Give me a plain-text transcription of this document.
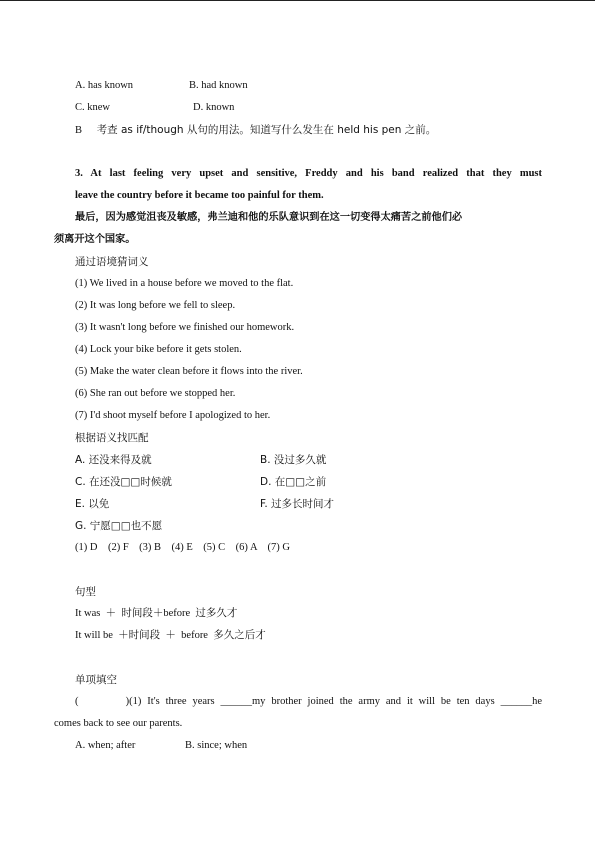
A. has known	B. had known
C. knew	D. known
B 考查 as if/though 从句的用法。知道写什么发生在 held his pen 之前。
3. At last feeling very upset and sensitive, Freddy and his band realized that they must
leave the country before it became too painful for them.
最后，因为感觉沮丧及敏感，弗兰迪和他的乐队意识到在这一切变得太痛苦之前他们必
须离开这个国家。
通过语境猜词义
(1) We lived in a house before we moved to the flat.
(2) It was long before we fell to sleep.
(3) It wasn't long before we finished our homework.
(4) Lock your bike before it gets stolen.
(5) Make the water clean before it flows into the river.
(6) She ran out before we stopped her.
(7) I'd shoot myself before I apologized to her.
根据语义找匹配
A. 还没来得及就	B. 没过多久就
C. 在还没□□时候就	D. 在□□之前
E. 以免	F. 过多长时间才
G. 宁愿□□也不愿
(1) D    (2) F    (3) B    (4) E    (5) C    (6) A    (7) G
句型
It was  ＋  时间段＋before  过多久才
It will be  ＋时间段  ＋  before  多久之后才
单项填空
(        )(1) It's three years ______my brother joined the army and it will be ten days ______he
comes back to see our parents.
A. when; after	B. since; when
